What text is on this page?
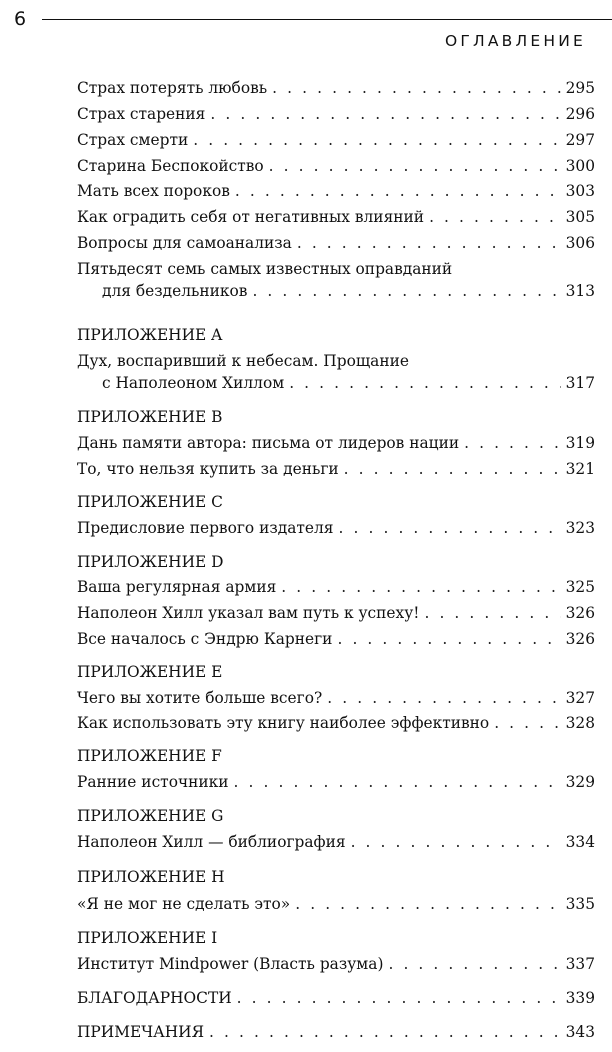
6
ОГЛАВЛЕНИЕ
Страх потерять любовь . . .	295
Страх старения . . .	296
Страх смерти . . .	297
Старина Беспокойство . . .	300
Мать всех пороков . . .	303
Как оградить себя от негативных влияний . . .	305
Вопросы для самоанализа . . .	306
Пятьдесят семь самых известных оправданий
для бездельников . . .	313
ПРИЛОЖЕНИЕ A
Дух, воспаривший к небесам. Прощание
с Наполеоном Хиллом . . .	317
ПРИЛОЖЕНИЕ B
Дань памяти автора: письма от лидеров нации . . .	319
То, что нельзя купить за деньги . . .	321
ПРИЛОЖЕНИЕ C
Предисловие первого издателя . . .	323
ПРИЛОЖЕНИЕ D
Ваша регулярная армия . . .	325
Наполеон Хилл указал вам путь к успеху! . . .	326
Все началось с Эндрю Карнеги . . .	326
ПРИЛОЖЕНИЕ E
Чего вы хотите больше всего? . . .	327
Как использовать эту книгу наиболее эффективно . . .	328
ПРИЛОЖЕНИЕ F
Ранние источники . . .	329
ПРИЛОЖЕНИЕ G
Наполеон Хилл — библиография . . .	334
ПРИЛОЖЕНИЕ H
«Я не мог не сделать это» . . .	335
ПРИЛОЖЕНИЕ I
Институт Mindpower (Власть разума) . . .	337
БЛАГОДАРНОСТИ . . .	339
ПРИМЕЧАНИЯ . . .	343
